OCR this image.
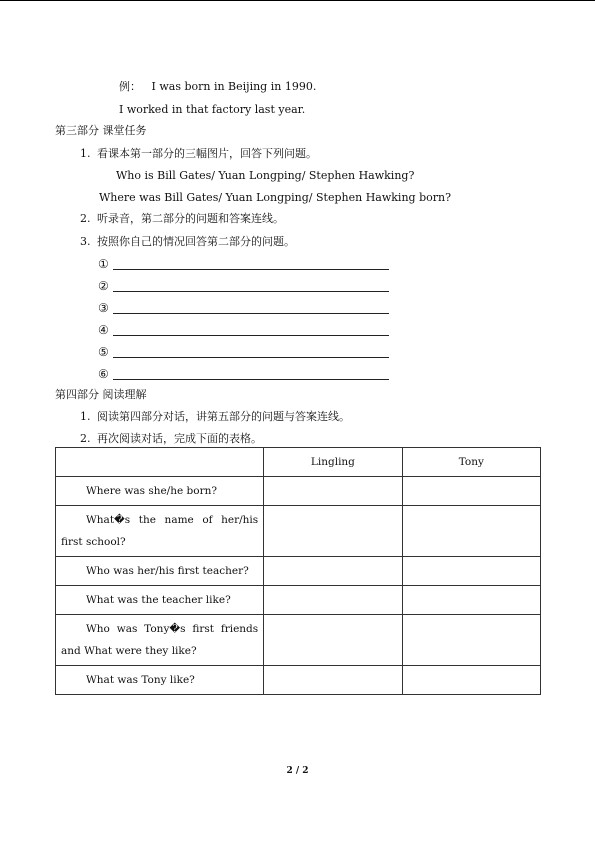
例： I was born in Beijing in 1990.
I worked in that factory last year.
第三部分 课堂任务
1. 看课本第一部分的三幅图片，回答下列问题。
Who is Bill Gates/ Yuan Longping/ Stephen Hawking?
Where was Bill Gates/ Yuan Longping/ Stephen Hawking born?
2. 听录音，第二部分的问题和答案连线。
3. 按照你自己的情况回答第二部分的问题。
①
②
③
④
⑤
⑥
第四部分 阅读理解
1. 阅读第四部分对话，讲第五部分的问题与答案连线。
2. 再次阅读对话，完成下面的表格。
	Lingling	Tony

Where was she/he born?		

What�s the name of her/his first school?		

Who was her/his first teacher?		

What was the teacher like?		

Who was Tony�s first friends and What were they like?		

What was Tony like?		

2 / 2
